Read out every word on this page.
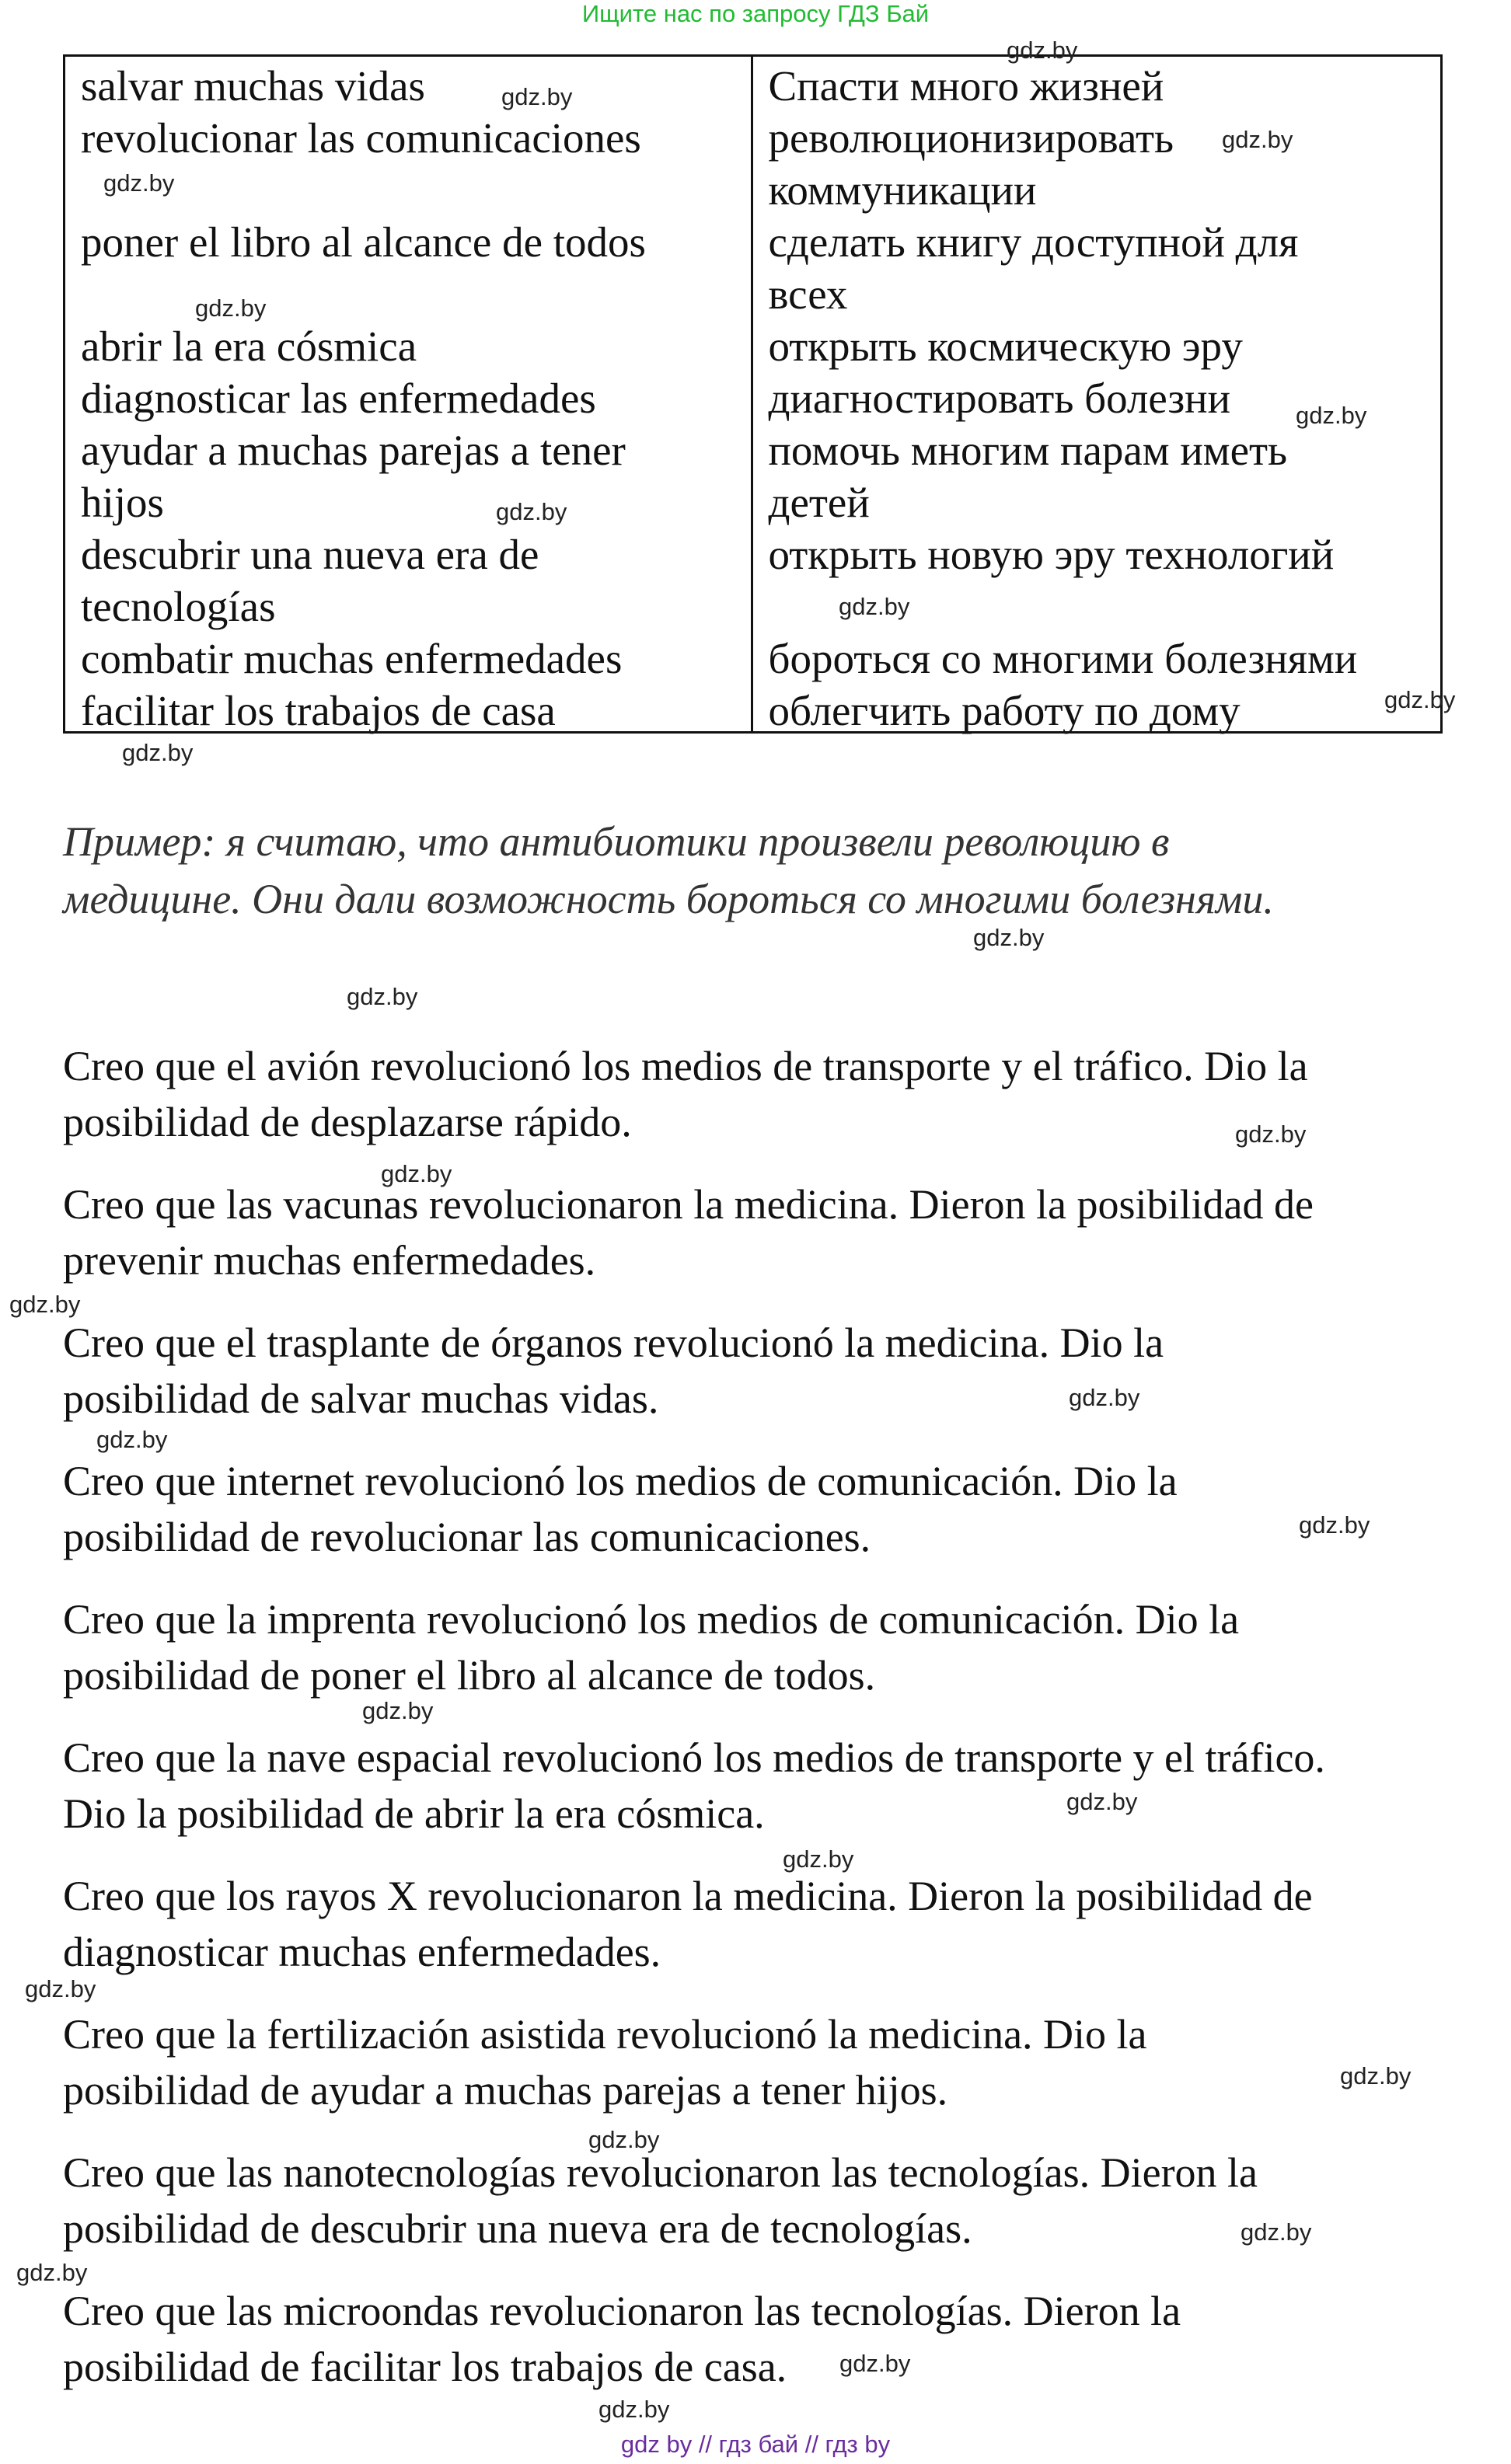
Ищите нас по запросу ГДЗ Бай
salvar muchas vidas
revolucionar las comunicaciones
poner el libro al alcance de todos
abrir la era cósmica
diagnosticar las enfermedades
ayudar a muchas parejas a tener
hijos
descubrir una nueva era de
tecnologías
combatir muchas enfermedades
facilitar los trabajos de casa
Спасти много жизней
революционизировать
коммуникации
сделать книгу доступной для
всех
открыть космическую эру
диагностировать болезни
помочь многим парам иметь
детей
открыть новую эру технологий
бороться со многими болезнями
облегчить работу по дому
Пример: я считаю, что антибиотики произвели революцию в
медицине. Они дали возможность бороться со многими болезнями.
Creo que el avión revolucionó los medios de transporte y el tráfico. Dio la
posibilidad de desplazarse rápido.
Creo que las vacunas revolucionaron la medicina. Dieron la posibilidad de
prevenir muchas enfermedades.
Creo que el trasplante de órganos revolucionó la medicina. Dio la
posibilidad de salvar muchas vidas.
Creo que internet revolucionó los medios de comunicación. Dio la
posibilidad de revolucionar las comunicaciones.
Creo que la imprenta revolucionó los medios de comunicación. Dio la
posibilidad de poner el libro al alcance de todos.
Creo que la nave espacial revolucionó los medios de transporte y el tráfico.
Dio la posibilidad de abrir la era cósmica.
Creo que los rayos X revolucionaron la medicina. Dieron la posibilidad de
diagnosticar muchas enfermedades.
Creo que la fertilización asistida revolucionó la medicina. Dio la
posibilidad de ayudar a muchas parejas a tener hijos.
Creo que las nanotecnologías revolucionaron las tecnologías. Dieron la
posibilidad de descubrir una nueva era de tecnologías.
Creo que las microondas revolucionaron las tecnologías. Dieron la
posibilidad de facilitar los trabajos de casa.
gdz.by
gdz.by
gdz.by
gdz.by
gdz.by
gdz.by
gdz.by
gdz.by
gdz.by
gdz.by
gdz.by
gdz.by
gdz.by
gdz.by
gdz.by
gdz.by
gdz.by
gdz.by
gdz.by
gdz.by
gdz.by
gdz.by
gdz.by
gdz.by
gdz.by
gdz.by
gdz.by
gdz.by
gdz by // гдз бай // гдз by
